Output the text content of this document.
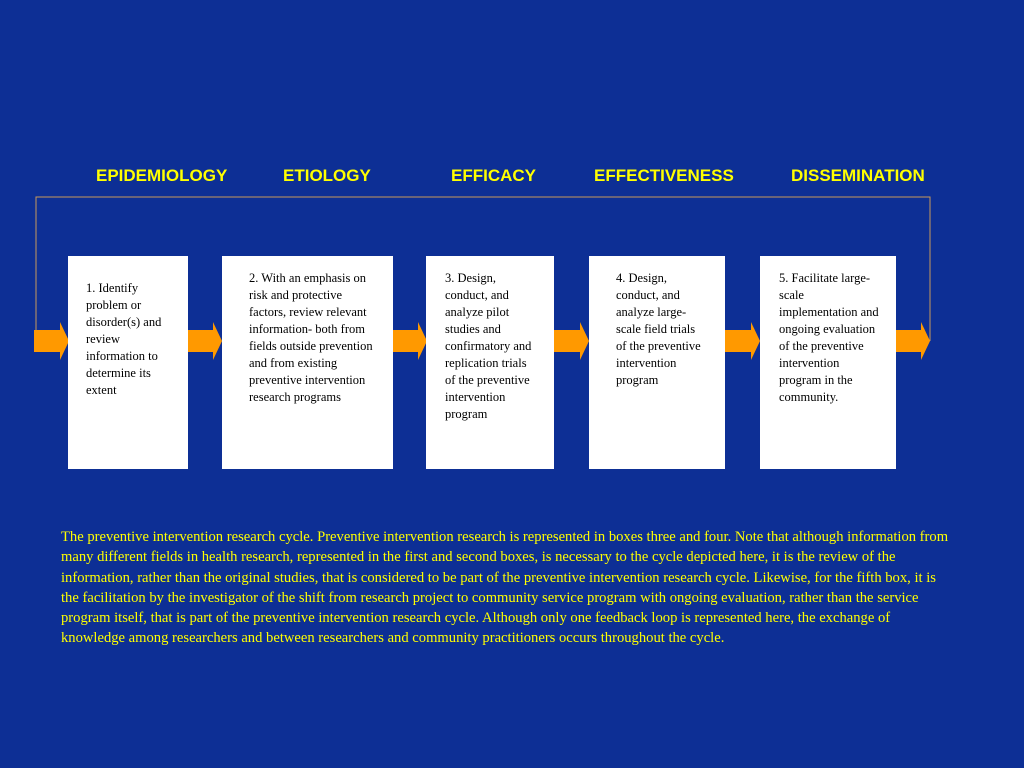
EPIDEMIOLOGY	ETIOLOGY	EFFICACY	EFFECTIVENESS	DISSEMINATION
1. Identify problem or disorder(s) and review information to determine its extent
2. With an emphasis on risk and protective factors, review relevant information- both from fields outside prevention and from existing preventive intervention research programs
3. Design, conduct, and analyze pilot studies and confirmatory and replication trials of the preventive intervention program
4. Design, conduct, and analyze large-scale field trials of the preventive intervention program
5. Facilitate large-scale implementation and ongoing evaluation of the preventive intervention program in the community.
The preventive intervention research cycle. Preventive intervention research is represented in boxes three and four. Note that although information from many different fields in health research, represented in the first and second boxes, is necessary to the cycle depicted here, it is the review of the information, rather than the original studies, that is considered to be part of the preventive intervention research cycle. Likewise, for the fifth box, it is the facilitation by the investigator of the shift from research project to community service program with ongoing evaluation, rather than the service program itself, that is part of the preventive intervention research cycle. Although only one feedback loop is represented here, the exchange of knowledge among researchers and between researchers and community practitioners occurs throughout the cycle.
